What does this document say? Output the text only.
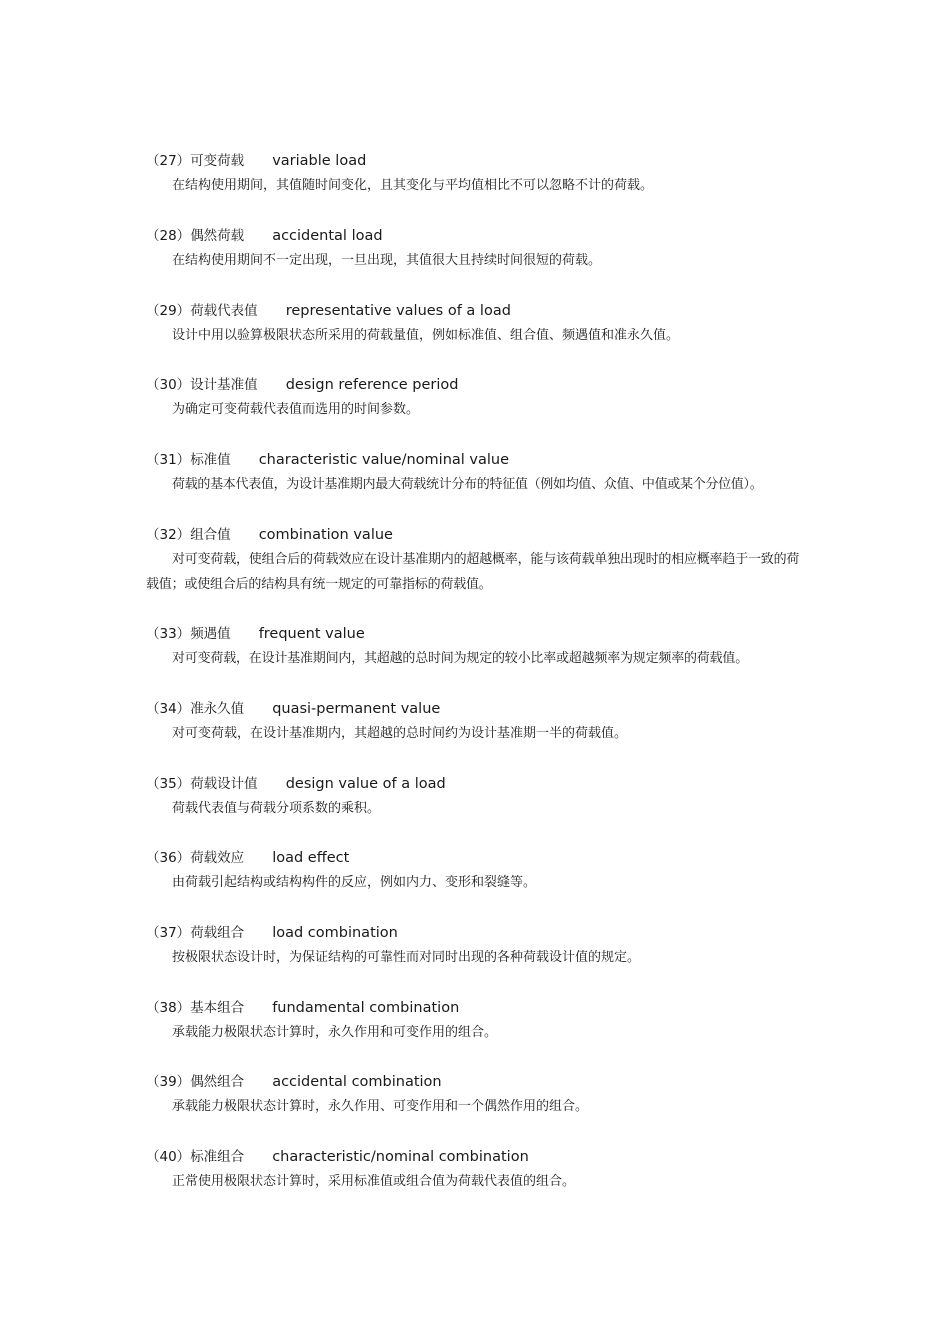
（27）可变荷载 variable load

在结构使用期间，其值随时间变化，且其变化与平均值相比不可以忽略不计的荷载。

（28）偶然荷载 accidental load

在结构使用期间不一定出现，一旦出现，其值很大且持续时间很短的荷载。

（29）荷载代表值 representative values of a load

设计中用以验算极限状态所采用的荷载量值，例如标准值、组合值、频遇值和准永久值。

（30）设计基准值 design reference period

为确定可变荷载代表值而选用的时间参数。

（31）标准值 characteristic value/nominal value

荷载的基本代表值，为设计基准期内最大荷载统计分布的特征值（例如均值、众值、中值或某个分位值）。

（32）组合值 combination value

对可变荷载，使组合后的荷载效应在设计基准期内的超越概率，能与该荷载单独出现时的相应概率趋于一致的荷载值；或使组合后的结构具有统一规定的可靠指标的荷载值。

（33）频遇值 frequent value

对可变荷载，在设计基准期间内，其超越的总时间为规定的较小比率或超越频率为规定频率的荷载值。

（34）准永久值 quasi-permanent value

对可变荷载，在设计基准期内，其超越的总时间约为设计基准期一半的荷载值。

（35）荷载设计值 design value of a load

荷载代表值与荷载分项系数的乘积。

（36）荷载效应 load effect

由荷载引起结构或结构构件的反应，例如内力、变形和裂缝等。

（37）荷载组合 load combination

按极限状态设计时，为保证结构的可靠性而对同时出现的各种荷载设计值的规定。

（38）基本组合 fundamental combination

承载能力极限状态计算时，永久作用和可变作用的组合。

（39）偶然组合 accidental combination

承载能力极限状态计算时，永久作用、可变作用和一个偶然作用的组合。

（40）标准组合 characteristic/nominal combination

正常使用极限状态计算时，采用标准值或组合值为荷载代表值的组合。
